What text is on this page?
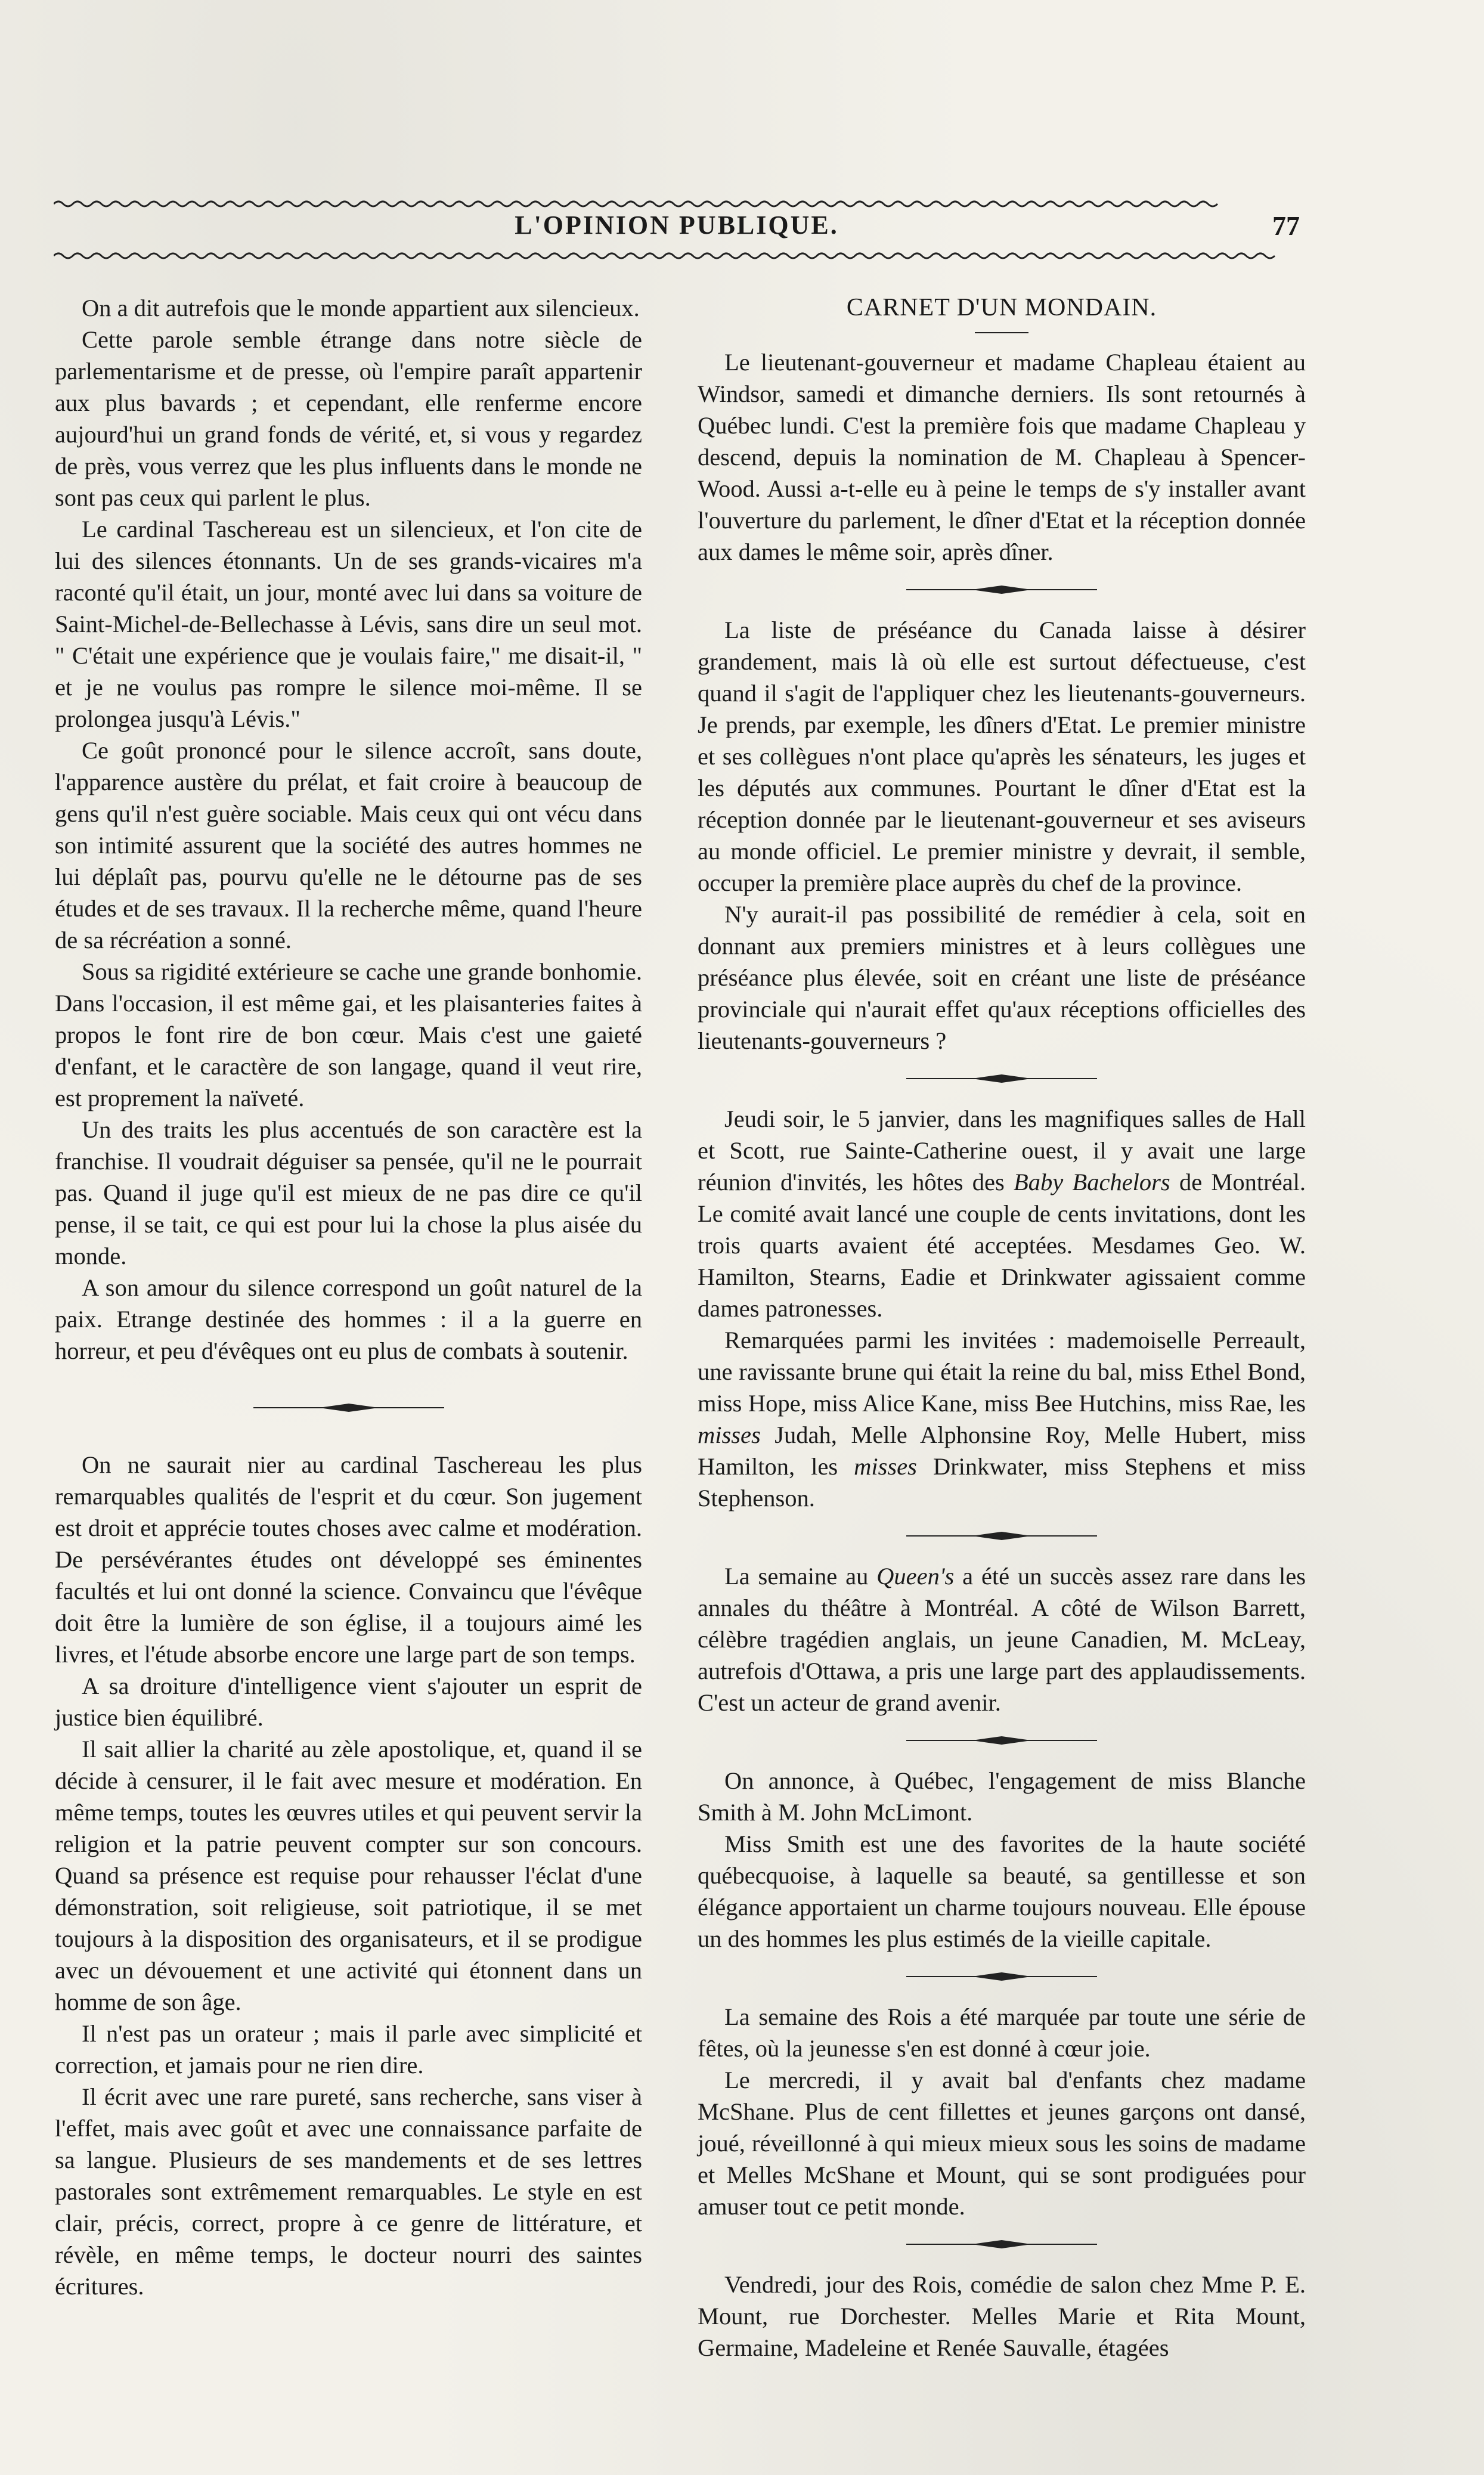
L'OPINION PUBLIQUE.	77

On a dit autrefois que le monde appartient aux silencieux.

Cette parole semble étrange dans notre siècle de parlementarisme et de presse, où l'empire paraît appartenir aux plus bavards ; et cependant, elle renferme encore aujourd'hui un grand fonds de vérité, et, si vous y regardez de près, vous verrez que les plus influents dans le monde ne sont pas ceux qui parlent le plus.

Le cardinal Taschereau est un silencieux, et l'on cite de lui des silences étonnants. Un de ses grands-vicaires m'a raconté qu'il était, un jour, monté avec lui dans sa voiture de Saint-Michel-de-Bellechasse à Lévis, sans dire un seul mot. " C'était une expérience que je voulais faire," me disait-il, " et je ne voulus pas rompre le silence moi-même. Il se prolongea jusqu'à Lévis."

Ce goût prononcé pour le silence accroît, sans doute, l'apparence austère du prélat, et fait croire à beaucoup de gens qu'il n'est guère sociable. Mais ceux qui ont vécu dans son intimité assurent que la société des autres hommes ne lui déplaît pas, pourvu qu'elle ne le détourne pas de ses études et de ses travaux. Il la recherche même, quand l'heure de sa récréation a sonné.

Sous sa rigidité extérieure se cache une grande bonhomie. Dans l'occasion, il est même gai, et les plaisanteries faites à propos le font rire de bon cœur. Mais c'est une gaieté d'enfant, et le caractère de son langage, quand il veut rire, est proprement la naïveté.

Un des traits les plus accentués de son caractère est la franchise. Il voudrait déguiser sa pensée, qu'il ne le pourrait pas. Quand il juge qu'il est mieux de ne pas dire ce qu'il pense, il se tait, ce qui est pour lui la chose la plus aisée du monde.

A son amour du silence correspond un goût naturel de la paix. Etrange destinée des hommes : il a la guerre en horreur, et peu d'évêques ont eu plus de combats à soutenir.

On ne saurait nier au cardinal Taschereau les plus remarquables qualités de l'esprit et du cœur. Son jugement est droit et apprécie toutes choses avec calme et modération. De persévérantes études ont développé ses éminentes facultés et lui ont donné la science. Convaincu que l'évêque doit être la lumière de son église, il a toujours aimé les livres, et l'étude absorbe encore une large part de son temps.

A sa droiture d'intelligence vient s'ajouter un esprit de justice bien équilibré.

Il sait allier la charité au zèle apostolique, et, quand il se décide à censurer, il le fait avec mesure et modération. En même temps, toutes les œuvres utiles et qui peuvent servir la religion et la patrie peuvent compter sur son concours. Quand sa présence est requise pour rehausser l'éclat d'une démonstration, soit religieuse, soit patriotique, il se met toujours à la disposition des organisateurs, et il se prodigue avec un dévouement et une activité qui étonnent dans un homme de son âge.

Il n'est pas un orateur ; mais il parle avec simplicité et correction, et jamais pour ne rien dire.

Il écrit avec une rare pureté, sans recherche, sans viser à l'effet, mais avec goût et avec une connaissance parfaite de sa langue. Plusieurs de ses mandements et de ses lettres pastorales sont extrêmement remarquables. Le style en est clair, précis, correct, propre à ce genre de littérature, et révèle, en même temps, le docteur nourri des saintes écritures.

CARNET D'UN MONDAIN.

Le lieutenant-gouverneur et madame Chapleau étaient au Windsor, samedi et dimanche derniers. Ils sont retournés à Québec lundi. C'est la première fois que madame Chapleau y descend, depuis la nomination de M. Chapleau à Spencer-Wood. Aussi a-t-elle eu à peine le temps de s'y installer avant l'ouverture du parlement, le dîner d'Etat et la réception donnée aux dames le même soir, après dîner.

La liste de préséance du Canada laisse à désirer grandement, mais là où elle est surtout défectueuse, c'est quand il s'agit de l'appliquer chez les lieutenants-gouverneurs. Je prends, par exemple, les dîners d'Etat. Le premier ministre et ses collègues n'ont place qu'après les sénateurs, les juges et les députés aux communes. Pourtant le dîner d'Etat est la réception donnée par le lieutenant-gouverneur et ses aviseurs au monde officiel. Le premier ministre y devrait, il semble, occuper la première place auprès du chef de la province.

N'y aurait-il pas possibilité de remédier à cela, soit en donnant aux premiers ministres et à leurs collègues une préséance plus élevée, soit en créant une liste de préséance provinciale qui n'aurait effet qu'aux réceptions officielles des lieutenants-gouverneurs ?

Jeudi soir, le 5 janvier, dans les magnifiques salles de Hall et Scott, rue Sainte-Catherine ouest, il y avait une large réunion d'invités, les hôtes des Baby Bachelors de Montréal. Le comité avait lancé une couple de cents invitations, dont les trois quarts avaient été acceptées. Mesdames Geo. W. Hamilton, Stearns, Eadie et Drinkwater agissaient comme dames patronesses.

Remarquées parmi les invitées : mademoiselle Perreault, une ravissante brune qui était la reine du bal, miss Ethel Bond, miss Hope, miss Alice Kane, miss Bee Hutchins, miss Rae, les misses Judah, Melle Alphonsine Roy, Melle Hubert, miss Hamilton, les misses Drinkwater, miss Stephens et miss Stephenson.

La semaine au Queen's a été un succès assez rare dans les annales du théâtre à Montréal. A côté de Wilson Barrett, célèbre tragédien anglais, un jeune Canadien, M. McLeay, autrefois d'Ottawa, a pris une large part des applaudissements. C'est un acteur de grand avenir.

On annonce, à Québec, l'engagement de miss Blanche Smith à M. John McLimont.

Miss Smith est une des favorites de la haute société québecquoise, à laquelle sa beauté, sa gentillesse et son élégance apportaient un charme toujours nouveau. Elle épouse un des hommes les plus estimés de la vieille capitale.

La semaine des Rois a été marquée par toute une série de fêtes, où la jeunesse s'en est donné à cœur joie.

Le mercredi, il y avait bal d'enfants chez madame McShane. Plus de cent fillettes et jeunes garçons ont dansé, joué, réveillonné à qui mieux mieux sous les soins de madame et Melles McShane et Mount, qui se sont prodiguées pour amuser tout ce petit monde.

Vendredi, jour des Rois, comédie de salon chez Mme P. E. Mount, rue Dorchester. Melles Marie et Rita Mount, Germaine, Madeleine et Renée Sauvalle, étagées
